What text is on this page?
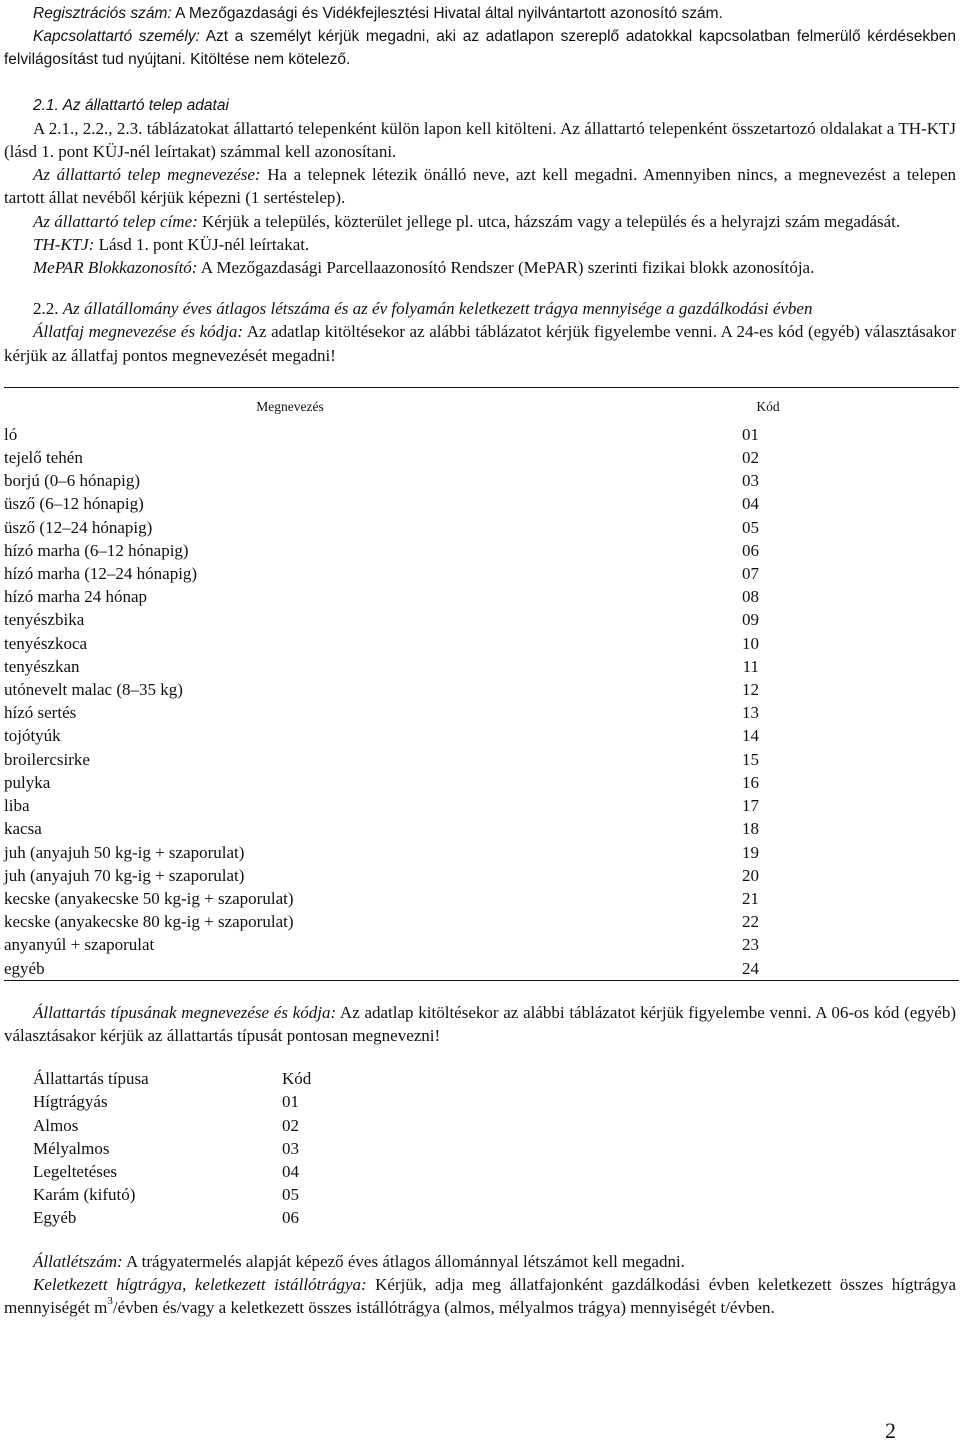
Regisztrációs szám: A Mezőgazdasági és Vidékfejlesztési Hivatal által nyilvántartott azonosító szám.

Kapcsolattartó személy: Azt a személyt kérjük megadni, aki az adatlapon szereplő adatokkal kapcsolatban felmerülő kérdésekben felvilágosítást tud nyújtani. Kitöltése nem kötelező.

2.1. Az állattartó telep adatai

A 2.1., 2.2., 2.3. táblázatokat állattartó telepenként külön lapon kell kitölteni. Az állattartó telepenként összetartozó oldalakat a TH-KTJ (lásd 1. pont KÜJ-nél leírtakat) számmal kell azonosítani.

Az állattartó telep megnevezése: Ha a telepnek létezik önálló neve, azt kell megadni. Amennyiben nincs, a megnevezést a telepen tartott állat nevéből kérjük képezni (1 sertéstelep).

Az állattartó telep címe: Kérjük a település, közterület jellege pl. utca, házszám vagy a település és a helyrajzi szám megadását.

TH-KTJ: Lásd 1. pont KÜJ-nél leírtakat.

MePAR Blokkazonosító: A Mezőgazdasági Parcellaazonosító Rendszer (MePAR) szerinti fizikai blokk azonosítója.

2.2. Az állatállomány éves átlagos létszáma és az év folyamán keletkezett trágya mennyisége a gazdálkodási évben

Állatfaj megnevezése és kódja: Az adatlap kitöltésekor az alábbi táblázatot kérjük figyelembe venni. A 24-es kód (egyéb) választásakor kérjük az állatfaj pontos megnevezését megadni!

Megnevezés	Kód
ló	01
tejelő tehén	02
borjú (0–6 hónapig)	03
üsző (6–12 hónapig)	04
üsző (12–24 hónapig)	05
hízó marha (6–12 hónapig)	06
hízó marha (12–24 hónapig)	07
hízó marha 24 hónap	08
tenyészbika	09
tenyészkoca	10
tenyészkan	11
utónevelt malac (8–35 kg)	12
hízó sertés	13
tojótyúk	14
broilercsirke	15
pulyka	16
liba	17
kacsa	18
juh (anyajuh 50 kg-ig + szaporulat)	19
juh (anyajuh 70 kg-ig + szaporulat)	20
kecske (anyakecske 50 kg-ig + szaporulat)	21
kecske (anyakecske 80 kg-ig + szaporulat)	22
anyanyúl + szaporulat	23
egyéb	24

Állattartás típusának megnevezése és kódja: Az adatlap kitöltésekor az alábbi táblázatot kérjük figyelembe venni. A 06-os kód (egyéb) választásakor kérjük az állattartás típusát pontosan megnevezni!

Állattartás típusa	Kód
Hígtrágyás	01
Almos	02
Mélyalmos	03
Legeltetéses	04
Karám (kifutó)	05
Egyéb	06

Állatlétszám: A trágyatermelés alapját képező éves átlagos állománnyal létszámot kell megadni.

Keletkezett hígtrágya, keletkezett istállótrágya: Kérjük, adja meg állatfajonként gazdálkodási évben keletkezett összes hígtrágya mennyiségét $m^3$/évben és/vagy a keletkezett összes istállótrágya (almos, mélyalmos trágya) mennyiségét t/évben.

2
